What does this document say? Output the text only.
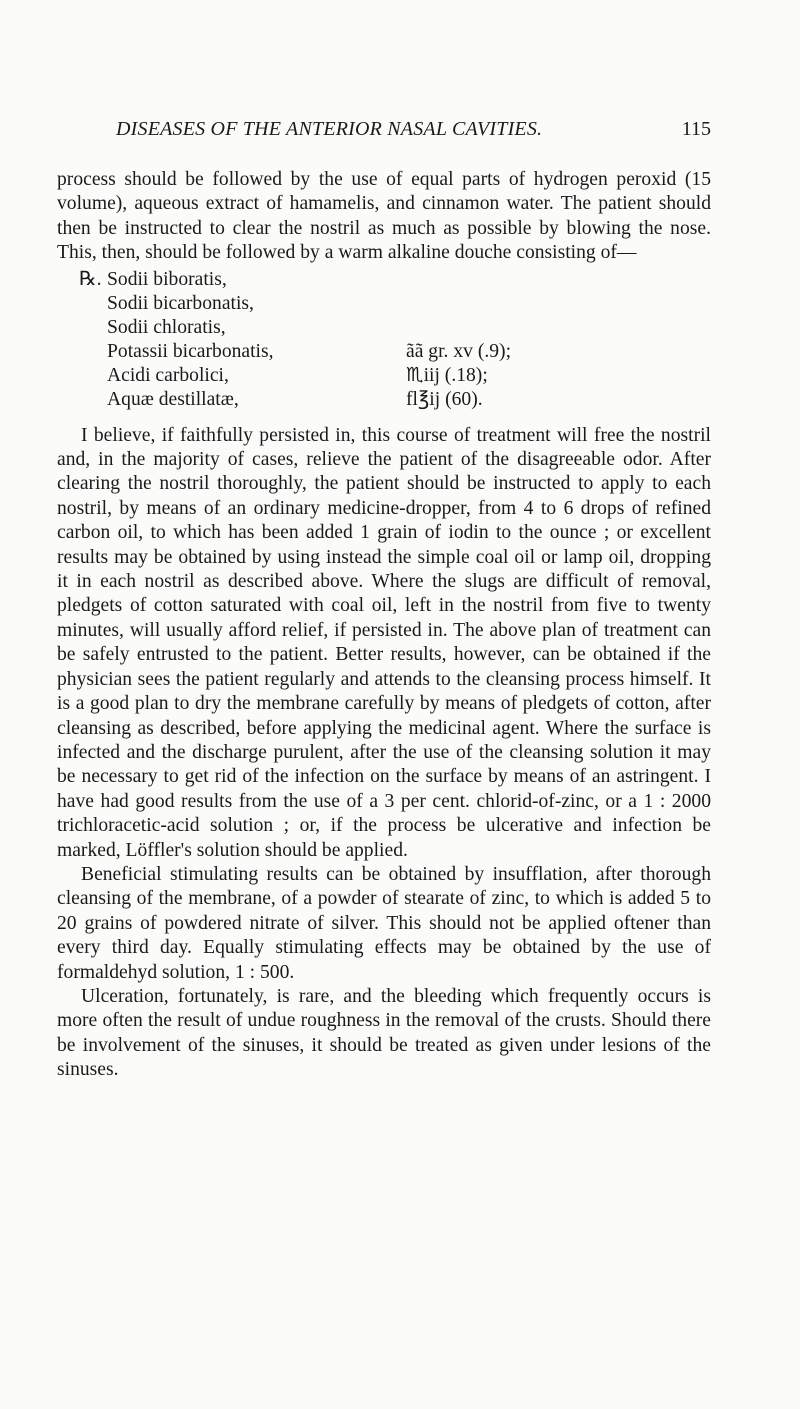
DISEASES OF THE ANTERIOR NASAL CAVITIES.	115

process should be followed by the use of equal parts of hydrogen peroxid (15 volume), aqueous extract of hamamelis, and cinnamon water. The patient should then be instructed to clear the nostril as much as possible by blowing the nose. This, then, should be followed by a warm alkaline douche consisting of—

℞. Sodii biboratis,
Sodii bicarbonatis,
Sodii chloratis,
Potassii bicarbonatis,	ãã gr. xv (.9);
Acidi carbolici,	♏︎iij (.18);
Aquæ destillatæ,	fl℥ij (60).

I believe, if faithfully persisted in, this course of treatment will free the nostril and, in the majority of cases, relieve the patient of the disagreeable odor. After clearing the nostril thoroughly, the patient should be instructed to apply to each nostril, by means of an ordinary medicine-dropper, from 4 to 6 drops of refined carbon oil, to which has been added 1 grain of iodin to the ounce ; or excellent results may be obtained by using instead the simple coal oil or lamp oil, dropping it in each nostril as described above. Where the slugs are difficult of removal, pledgets of cotton saturated with coal oil, left in the nostril from five to twenty minutes, will usually afford relief, if persisted in. The above plan of treatment can be safely entrusted to the patient. Better results, however, can be obtained if the physician sees the patient regularly and attends to the cleansing process himself. It is a good plan to dry the membrane carefully by means of pledgets of cotton, after cleansing as described, before applying the medicinal agent. Where the surface is infected and the discharge purulent, after the use of the cleansing solution it may be necessary to get rid of the infection on the surface by means of an astringent. I have had good results from the use of a 3 per cent. chlorid-of-zinc, or a 1 : 2000 trichloracetic-acid solution ; or, if the process be ulcerative and infection be marked, Löffler's solution should be applied.

Beneficial stimulating results can be obtained by insufflation, after thorough cleansing of the membrane, of a powder of stearate of zinc, to which is added 5 to 20 grains of powdered nitrate of silver. This should not be applied oftener than every third day. Equally stimulating effects may be obtained by the use of formaldehyd solution, 1 : 500.

Ulceration, fortunately, is rare, and the bleeding which frequently occurs is more often the result of undue roughness in the removal of the crusts. Should there be involvement of the sinuses, it should be treated as given under lesions of the sinuses.
